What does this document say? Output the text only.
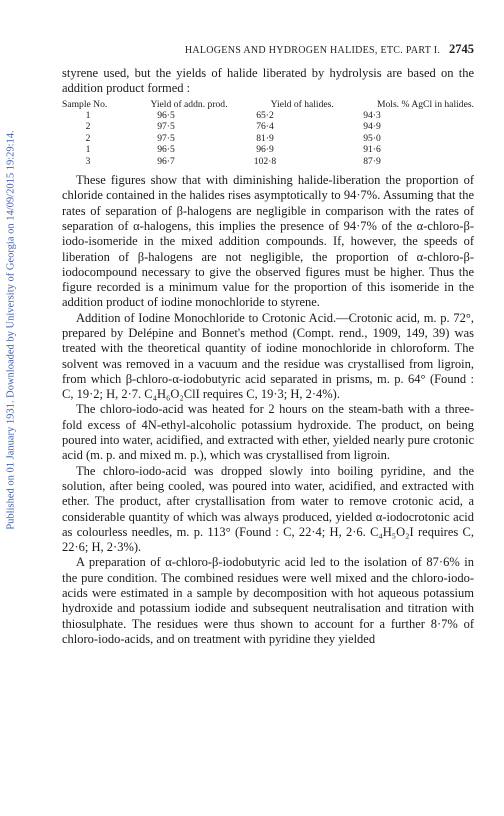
Published on 01 January 1931. Downloaded by University of Georgia on 14/09/2015 19:29:14.
HALOGENS AND HYDROGEN HALIDES, ETC. PART I. 2745

styrene used, but the yields of halide liberated by hydrolysis are based on the addition product formed :

Sample No.	Yield of addn. prod.	Yield of halides.	Mols. % AgCl in halides.
1	96·5	65·2	94·3
2	97·5	76·4	94·9
2	97·5	81·9	95·0
1	96·5	96·9	91·6
3	96·7	102·8	87·9

These figures show that with diminishing halide-liberation the proportion of chloride contained in the halides rises asymptotically to 94·7%. Assuming that the rates of separation of β-halogens are negligible in comparison with the rates of separation of α-halogens, this implies the presence of 94·7% of the α-chloro-β-iodo-isomeride in the mixed addition compounds. If, however, the speeds of liberation of β-halogens are not negligible, the proportion of α-chloro-β-iodocompound necessary to give the observed figures must be higher. Thus the figure recorded is a minimum value for the proportion of this isomeride in the addition product of iodine monochloride to styrene.

Addition of Iodine Monochloride to Crotonic Acid.—Crotonic acid, m. p. 72°, prepared by Delépine and Bonnet's method (Compt. rend., 1909, 149, 39) was treated with the theoretical quantity of iodine monochloride in chloroform. The solvent was removed in a vacuum and the residue was crystallised from ligroin, from which β-chloro-α-iodobutyric acid separated in prisms, m. p. 64° (Found : C, 19·2; H, 2·7. C₄H₆O₂ClI requires C, 19·3; H, 2·4%).

The chloro-iodo-acid was heated for 2 hours on the steam-bath with a three-fold excess of 4N-ethyl-alcoholic potassium hydroxide. The product, on being poured into water, acidified, and extracted with ether, yielded nearly pure crotonic acid (m. p. and mixed m. p.), which was crystallised from ligroin.

The chloro-iodo-acid was dropped slowly into boiling pyridine, and the solution, after being cooled, was poured into water, acidified, and extracted with ether. The product, after crystallisation from water to remove crotonic acid, a considerable quantity of which was always produced, yielded α-iodocrotonic acid as colourless needles, m. p. 113° (Found : C, 22·4; H, 2·6. C₄H₅O₂I requires C, 22·6; H, 2·3%).

A preparation of α-chloro-β-iodobutyric acid led to the isolation of 87·6% in the pure condition. The combined residues were well mixed and the chloro-iodo-acids were estimated in a sample by decomposition with hot aqueous potassium hydroxide and potassium iodide and subsequent neutralisation and titration with thiosulphate. The residues were thus shown to account for a further 8·7% of chloro-iodo-acids, and on treatment with pyridine they yielded
